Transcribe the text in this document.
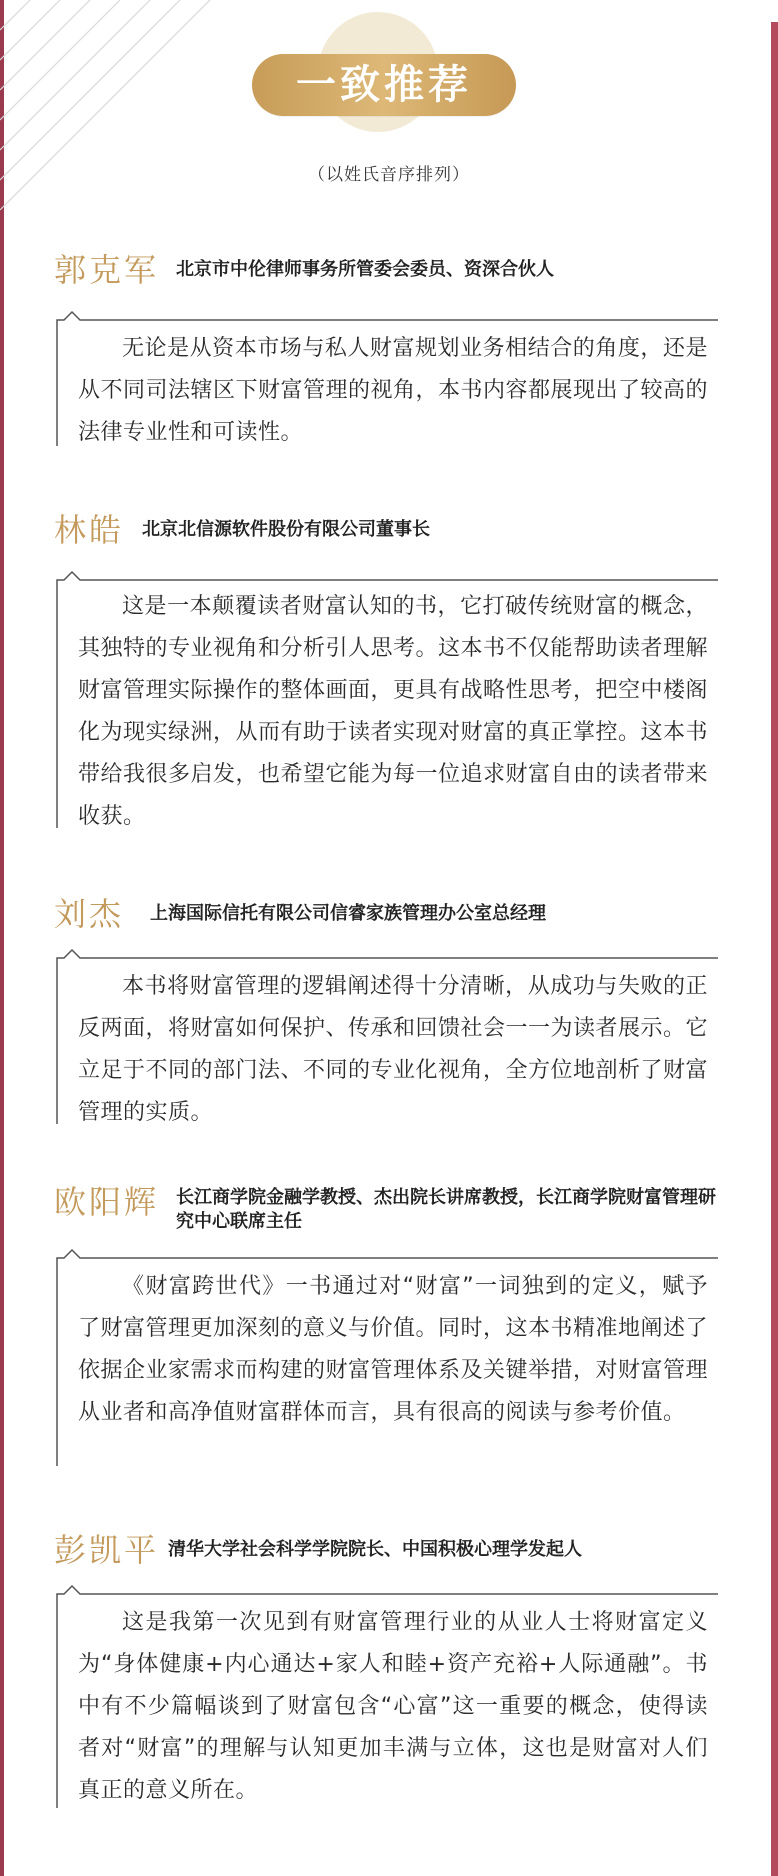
一致推荐
（以姓氏音序排列）
郭克军 北京市中伦律师事务所管委会委员、资深合伙人
无论是从资本市场与私人财富规划业务相结合的角度，还是从不同司法辖区下财富管理的视角，本书内容都展现出了较高的法律专业性和可读性。
林皓 北京北信源软件股份有限公司董事长
这是一本颠覆读者财富认知的书，它打破传统财富的概念，其独特的专业视角和分析引人思考。这本书不仅能帮助读者理解财富管理实际操作的整体画面，更具有战略性思考，把空中楼阁化为现实绿洲，从而有助于读者实现对财富的真正掌控。这本书带给我很多启发，也希望它能为每一位追求财富自由的读者带来收获。
刘杰 上海国际信托有限公司信睿家族管理办公室总经理
本书将财富管理的逻辑阐述得十分清晰，从成功与失败的正反两面，将财富如何保护、传承和回馈社会一一为读者展示。它立足于不同的部门法、不同的专业化视角，全方位地剖析了财富管理的实质。
欧阳辉 长江商学院金融学教授、杰出院长讲席教授，长江商学院财富管理研究中心联席主任
《财富跨世代》一书通过对“财富”一词独到的定义，赋予了财富管理更加深刻的意义与价值。同时，这本书精准地阐述了依据企业家需求而构建的财富管理体系及关键举措，对财富管理从业者和高净值财富群体而言，具有很高的阅读与参考价值。
彭凯平 清华大学社会科学学院院长、中国积极心理学发起人
这是我第一次见到有财富管理行业的从业人士将财富定义为“身体健康+内心通达+家人和睦+资产充裕+人际通融”。书中有不少篇幅谈到了财富包含“心富”这一重要的概念，使得读者对“财富”的理解与认知更加丰满与立体，这也是财富对人们真正的意义所在。
